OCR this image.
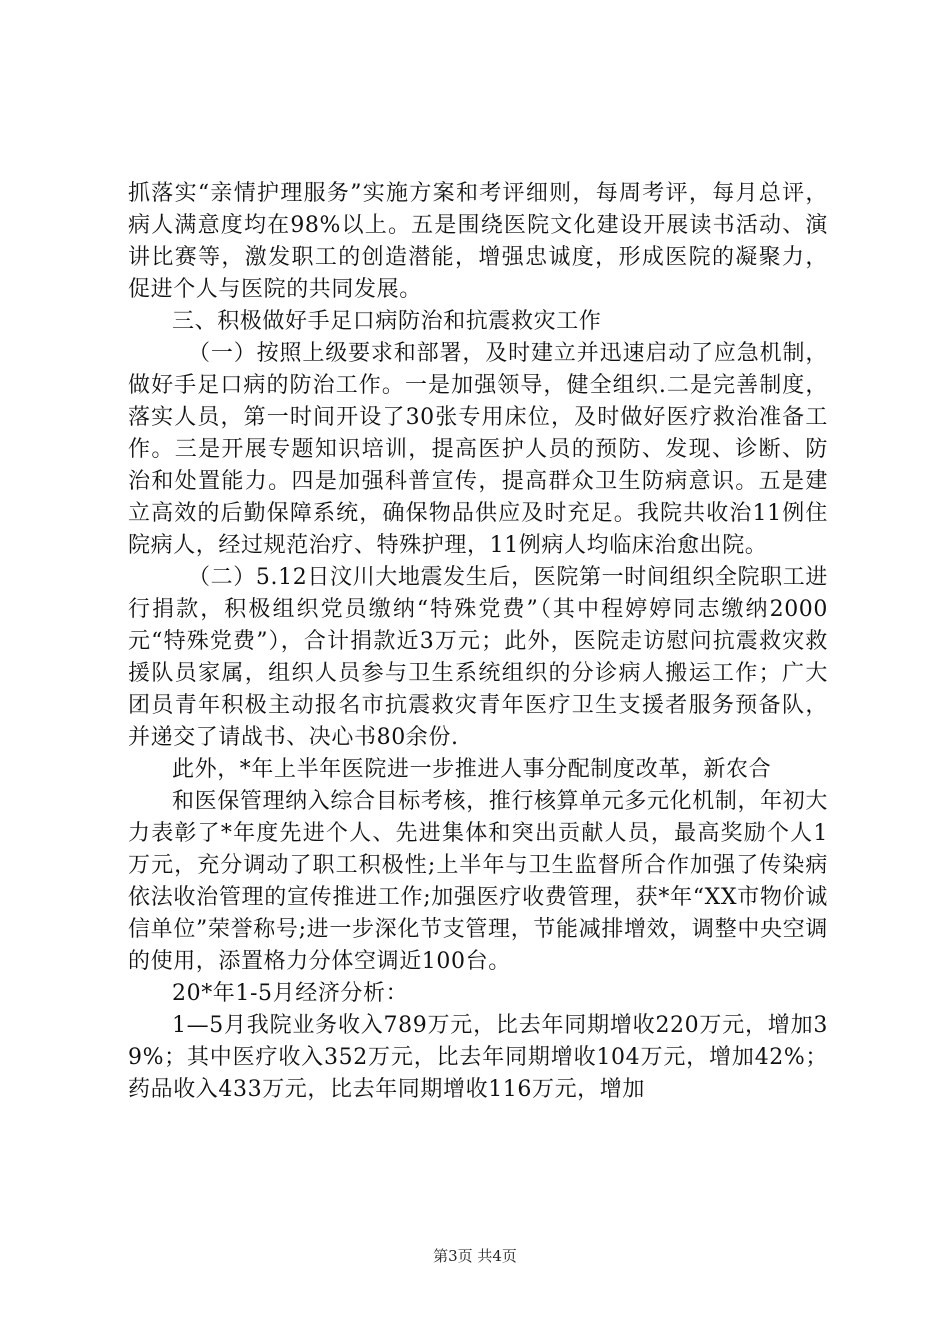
抓落实“亲情护理服务”实施方案和考评细则，每周考评，每月总评，病人满意度均在98%以上。五是围绕医院文化建设开展读书活动、演讲比赛等，激发职工的创造潜能，增强忠诚度，形成医院的凝聚力，促进个人与医院的共同发展。

三、积极做好手足口病防治和抗震救灾工作

（一）按照上级要求和部署，及时建立并迅速启动了应急机制，做好手足口病的防治工作。一是加强领导，健全组织.二是完善制度，落实人员，第一时间开设了30张专用床位，及时做好医疗救治准备工作。三是开展专题知识培训，提高医护人员的预防、发现、诊断、防治和处置能力。四是加强科普宣传，提高群众卫生防病意识。五是建立高效的后勤保障系统，确保物品供应及时充足。我院共收治11例住院病人，经过规范治疗、特殊护理，11例病人均临床治愈出院。

（二）5.12日汶川大地震发生后，医院第一时间组织全院职工进行捐款，积极组织党员缴纳“特殊党费”（其中程婷婷同志缴纳2000元“特殊党费”），合计捐款近3万元；此外，医院走访慰问抗震救灾救援队员家属，组织人员参与卫生系统组织的分诊病人搬运工作；广大团员青年积极主动报名市抗震救灾青年医疗卫生支援者服务预备队，并递交了请战书、决心书80余份.

此外，*年上半年医院进一步推进人事分配制度改革，新农合

和医保管理纳入综合目标考核，推行核算单元多元化机制，年初大力表彰了*年度先进个人、先进集体和突出贡献人员，最高奖励个人1万元，充分调动了职工积极性;上半年与卫生监督所合作加强了传染病依法收治管理的宣传推进工作;加强医疗收费管理，获*年“XX市物价诚信单位”荣誉称号;进一步深化节支管理，节能减排增效，调整中央空调的使用，添置格力分体空调近100台。

20*年1-5月经济分析：

1—5月我院业务收入789万元，比去年同期增收220万元，增加39%；其中医疗收入352万元，比去年同期增收104万元，增加42%；药品收入433万元，比去年同期增收116万元，增加

第3页 共4页
